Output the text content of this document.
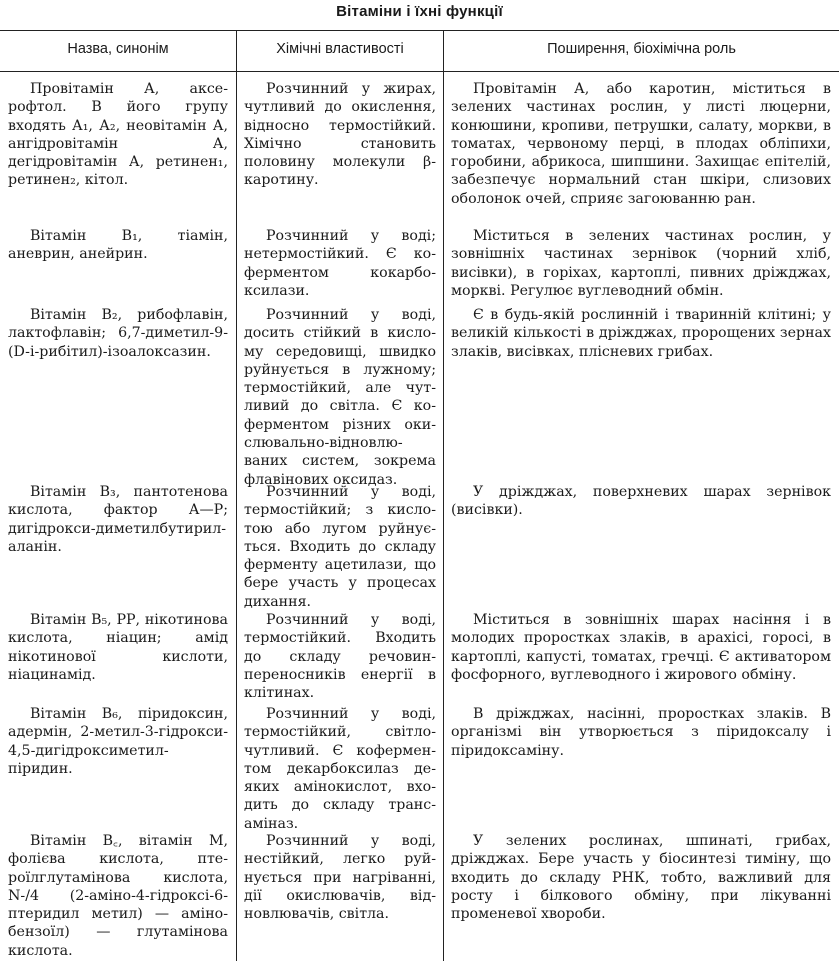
Вітаміни і їхні функції
Назва, синонім	Хімічні властивості	Поширення, біохімічна роль
Провітамін А, аксерофтол. В його групу входять А₁, А₂, неовітамін А, ангідровітамін А, дегідровітамін А, ретинен₁, ретинен₂, кітол.
Розчинний у жирах, чутливий до окислення, відносно термостійкий. Хімічно становить половину молекули β-каротину.
Провітамін А, або каротин, міститься в зелених частинах рослин, у листі люцерни, конюшини, кропиви, петрушки, салату, моркви, в томатах, червоному перці, в плодах обліпихи, горобини, абрикоса, шипшини. Захищає епітелій, забезпечує нормальний стан шкіри, слизових оболонок очей, сприяє загоюванню ран.
Вітамін В₁, тіамін, аневрин, анейрин.
Розчинний у воді; нетермостійкий. Є коферментом кокарбоксилази.
Міститься в зелених частинах рослин, у зовнішніх частинах зернівок (чорний хліб, висівки), в горіхах, картоплі, пивних дріжджах, моркві. Регулює вуглеводний обмін.
Вітамін В₂, рибофлавін, лактофлавін; 6,7-диметил-9-(D-і-рибітил)-ізоалоксазин.
Розчинний у воді, досить стійкий в кислому середовищі, швидко руйнується в лужному; термостійкий, але чутливий до світла. Є коферментом різних окислювально-відновлюваних систем, зокрема флавінових оксидаз.
Є в будь-якій рослинній і тваринній клітині; у великій кількості в дріжджах, пророщених зернах злаків, висівках, плісневих грибах.
Вітамін В₃, пантотенова кислота, фактор А—Р; дигідрокси-диметилбутирил-аланін.
Розчинний у воді, термостійкий; з кислотою або лугом руйнується. Входить до складу ферменту ацетилази, що бере участь у процесах дихання.
У дріжджах, поверхневих шарах зернівок (висівки).
Вітамін В₅, РР, нікотинова кислота, ніацин; амід нікотинової кислоти, ніацинамід.
Розчинний у воді, термостійкий. Входить до складу речовин-переносників енергії в клітинах.
Міститься в зовнішніх шарах насіння і в молодих проростках злаків, в арахісі, горосі, в картоплі, капусті, томатах, гречці. Є активатором фосфорного, вуглеводного і жирового обміну.
Вітамін В₆, піридоксин, адермін, 2-метил-3-гідрокси- 4,5-дигідроксиметил-піридин.
Розчинний у воді, термостійкий, світлочутливий. Є коферментом декарбоксилаз деяких амінокислот, входить до складу трансаміназ.
В дріжджах, насінні, проростках злаків. В організмі він утворюється з піридоксалу і піридоксаміну.
Вітамін В꜀, вітамін М, фолієва кислота, птероїлглутамінова кислота, N-/4 (2-аміно-4-гідроксі-6-птеридил метил) — аміно-бензоїл) — глутамінова кислота.
Розчинний у воді, нестійкий, легко руйнується при нагріванні, дії окислювачів, відновлювачів, світла.
У зелених рослинах, шпинаті, грибах, дріжджах. Бере участь у біосинтезі тиміну, що входить до складу РНК, тобто, важливий для росту і білкового обміну, при лікуванні променевої хвороби.
